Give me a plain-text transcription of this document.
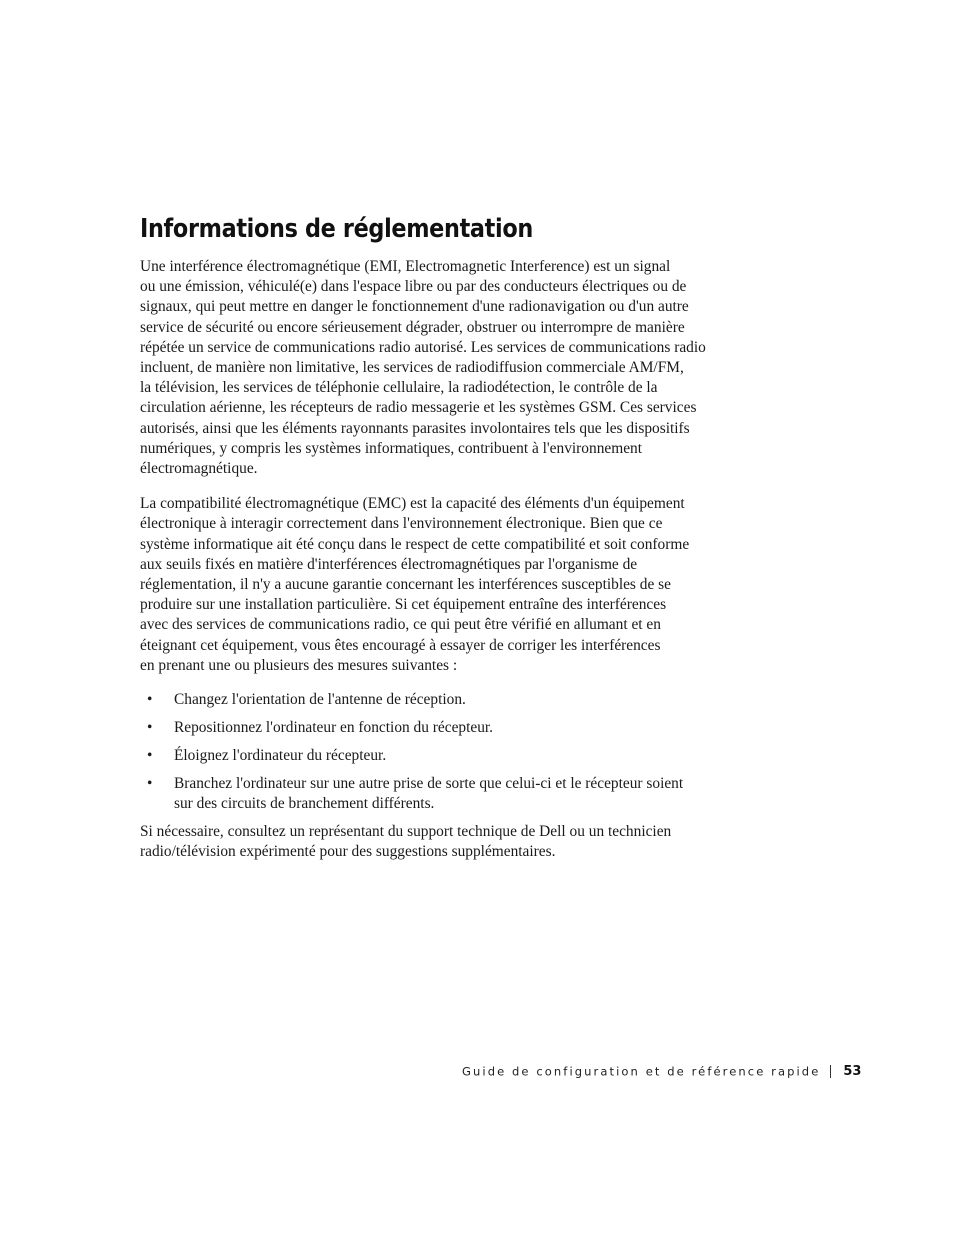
Informations de réglementation

Une interférence électromagnétique (EMI, Electromagnetic Interference) est un signal
ou une émission, véhiculé(e) dans l'espace libre ou par des conducteurs électriques ou de
signaux, qui peut mettre en danger le fonctionnement d'une radionavigation ou d'un autre
service de sécurité ou encore sérieusement dégrader, obstruer ou interrompre de manière
répétée un service de communications radio autorisé. Les services de communications radio
incluent, de manière non limitative, les services de radiodiffusion commerciale AM/FM,
la télévision, les services de téléphonie cellulaire, la radiodétection, le contrôle de la
circulation aérienne, les récepteurs de radio messagerie et les systèmes GSM. Ces services
autorisés, ainsi que les éléments rayonnants parasites involontaires tels que les dispositifs
numériques, y compris les systèmes informatiques, contribuent à l'environnement
électromagnétique.

La compatibilité électromagnétique (EMC) est la capacité des éléments d'un équipement
électronique à interagir correctement dans l'environnement électronique. Bien que ce
système informatique ait été conçu dans le respect de cette compatibilité et soit conforme
aux seuils fixés en matière d'interférences électromagnétiques par l'organisme de
réglementation, il n'y a aucune garantie concernant les interférences susceptibles de se
produire sur une installation particulière. Si cet équipement entraîne des interférences
avec des services de communications radio, ce qui peut être vérifié en allumant et en
éteignant cet équipement, vous êtes encouragé à essayer de corriger les interférences
en prenant une ou plusieurs des mesures suivantes :

• Changez l'orientation de l'antenne de réception.
• Repositionnez l'ordinateur en fonction du récepteur.
• Éloignez l'ordinateur du récepteur.
• Branchez l'ordinateur sur une autre prise de sorte que celui-ci et le récepteur soient
sur des circuits de branchement différents.

Si nécessaire, consultez un représentant du support technique de Dell ou un technicien
radio/télévision expérimenté pour des suggestions supplémentaires.

Guide de configuration et de référence rapide 53
